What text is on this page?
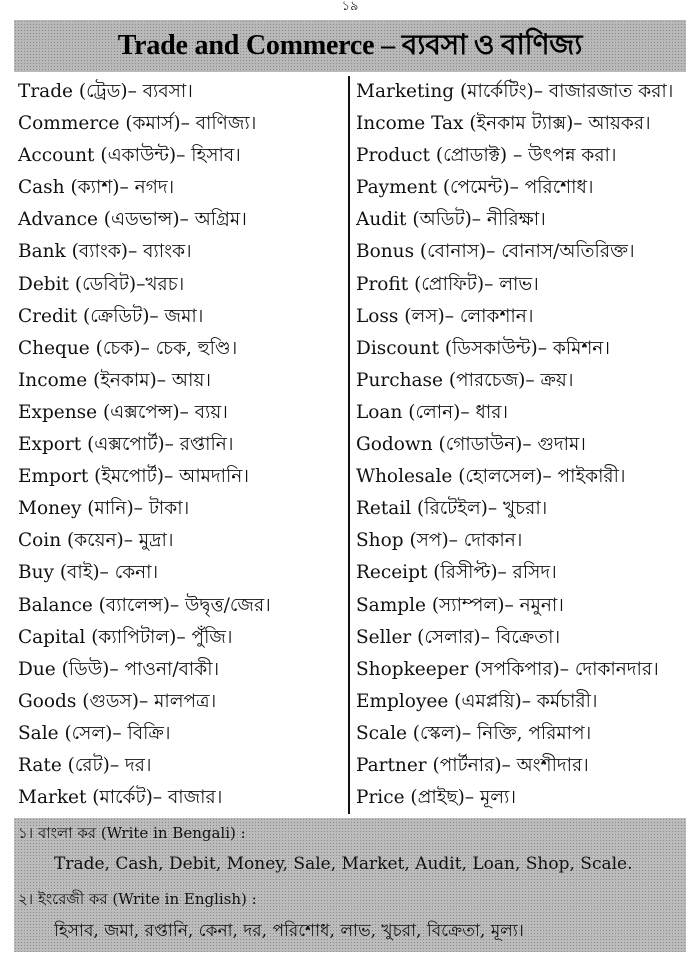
১৯
Trade and Commerce – ব্যবসা ও বাণিজ্য
Trade (ট্রেড)– ব্যবসা।
Commerce (কমার্স)– বাণিজ্য।
Account (একাউন্ট)– হিসাব।
Cash (ক্যাশ)– নগদ।
Advance (এডভান্স)– অগ্রিম।
Bank (ব্যাংক)– ব্যাংক।
Debit (ডেবিট)–খরচ।
Credit (ক্রেডিট)– জমা।
Cheque (চেক)– চেক, হুণ্ডি।
Income (ইনকাম)– আয়।
Expense (এক্সপেন্স)– ব্যয়।
Export (এক্সপোর্ট)– রপ্তানি।
Emport (ইমপোর্ট)– আমদানি।
Money (মানি)– টাকা।
Coin (কয়েন)– মুদ্রা।
Buy (বাই)– কেনা।
Balance (ব্যালেন্স)– উদ্বৃত্ত/জের।
Capital (ক্যাপিটাল)– পুঁজি।
Due (ডিউ)– পাওনা/বাকী।
Goods (গুডস)– মালপত্র।
Sale (সেল)– বিক্রি।
Rate (রেট)– দর।
Market (মার্কেট)– বাজার।
Marketing (মার্কেটিং)– বাজারজাত করা।
Income Tax (ইনকাম ট্যাক্স)– আয়কর।
Product (প্রোডাক্ট) – উৎপন্ন করা।
Payment (পেমেন্ট)– পরিশোধ।
Audit (অডিট)– নীরিক্ষা।
Bonus (বোনাস)– বোনাস/অতিরিক্ত।
Profit (প্রোফিট)– লাভ।
Loss (লস)– লোকশান।
Discount (ডিসকাউন্ট)– কমিশন।
Purchase (পারচেজ)– ক্রয়।
Loan (লোন)– ধার।
Godown (গোডাউন)– গুদাম।
Wholesale (হোলসেল)– পাইকারী।
Retail (রিটেইল)– খুচরা।
Shop (সপ)– দোকান।
Receipt (রিসীপ্ট)– রসিদ।
Sample (স্যাম্পল)– নমুনা।
Seller (সেলার)– বিক্রেতা।
Shopkeeper (সপকিপার)– দোকানদার।
Employee (এমপ্লয়ি)– কর্মচারী।
Scale (স্কেল)– নিক্তি, পরিমাপ।
Partner (পার্টনার)– অংশীদার।
Price (প্রাইছ)– মূল্য।
১। বাংলা কর (Write in Bengali) :
Trade, Cash, Debit, Money, Sale, Market, Audit, Loan, Shop, Scale.
২। ইংরেজী কর (Write in English) :
হিসাব, জমা, রপ্তানি, কেনা, দর, পরিশোধ, লাভ, খুচরা, বিক্রেতা, মূল্য।
